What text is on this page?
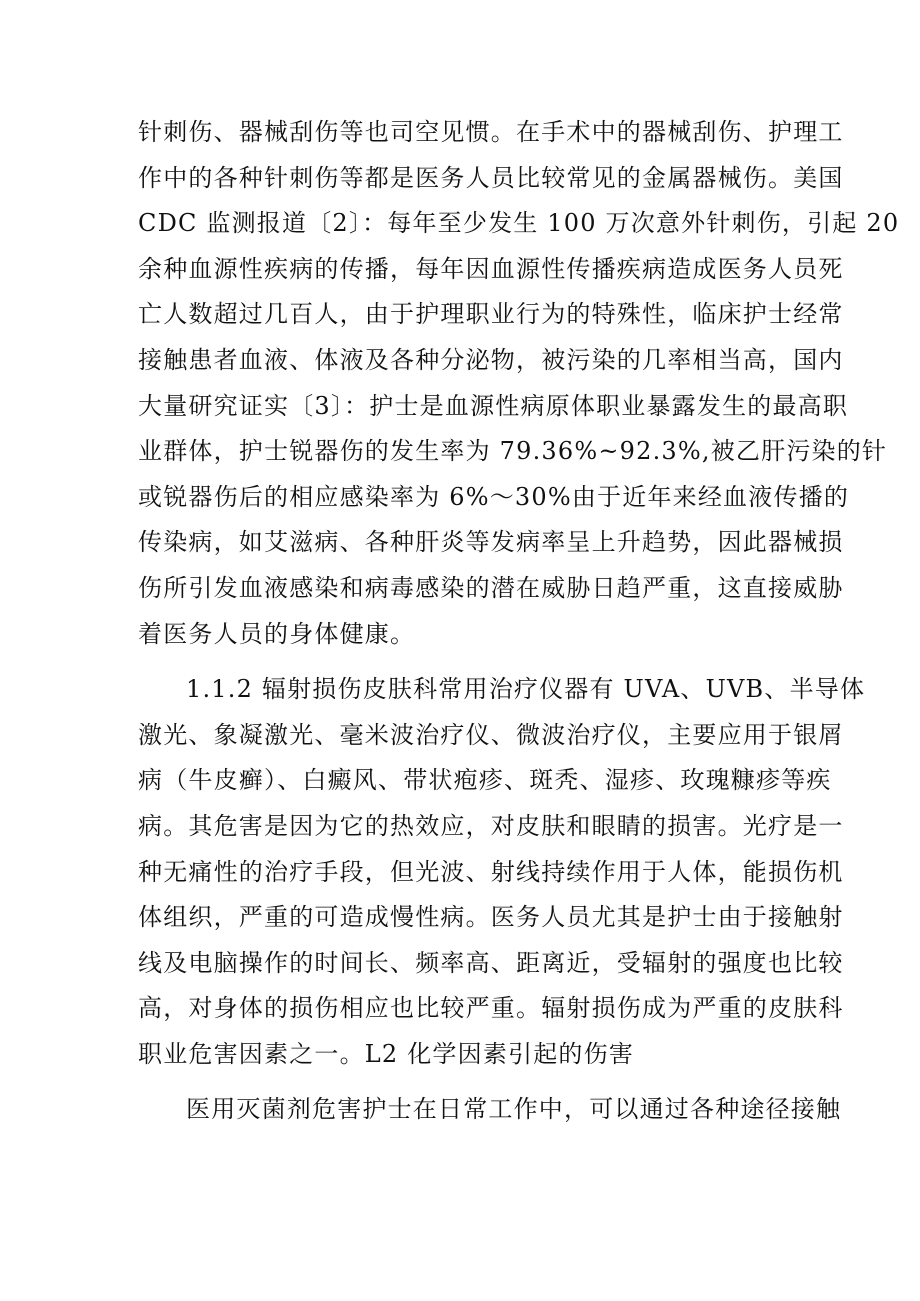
针刺伤、器械刮伤等也司空见惯。在手术中的器械刮伤、护理工
作中的各种针刺伤等都是医务人员比较常见的金属器械伤。美国
CDC 监测报道〔2〕：每年至少发生 100 万次意外针刺伤，引起 20
余种血源性疾病的传播，每年因血源性传播疾病造成医务人员死
亡人数超过几百人，由于护理职业行为的特殊性，临床护士经常
接触患者血液、体液及各种分泌物，被污染的几率相当高，国内
大量研究证实〔3〕：护士是血源性病原体职业暴露发生的最高职
业群体，护士锐器伤的发生率为 79.36%~92.3%,被乙肝污染的针
或锐器伤后的相应感染率为 6%～30%由于近年来经血液传播的
传染病，如艾滋病、各种肝炎等发病率呈上升趋势，因此器械损
伤所引发血液感染和病毒感染的潜在威胁日趋严重，这直接威胁
着医务人员的身体健康。
1.1.2 辐射损伤皮肤科常用治疗仪器有 UVA、UVB、半导体
激光、象凝激光、毫米波治疗仪、微波治疗仪，主要应用于银屑
病（牛皮癣）、白癜风、带状疱疹、斑秃、湿疹、玫瑰糠疹等疾
病。其危害是因为它的热效应，对皮肤和眼睛的损害。光疗是一
种无痛性的治疗手段，但光波、射线持续作用于人体，能损伤机
体组织，严重的可造成慢性病。医务人员尤其是护士由于接触射
线及电脑操作的时间长、频率高、距离近，受辐射的强度也比较
高，对身体的损伤相应也比较严重。辐射损伤成为严重的皮肤科
职业危害因素之一。L2 化学因素引起的伤害
医用灭菌剂危害护士在日常工作中，可以通过各种途径接触
